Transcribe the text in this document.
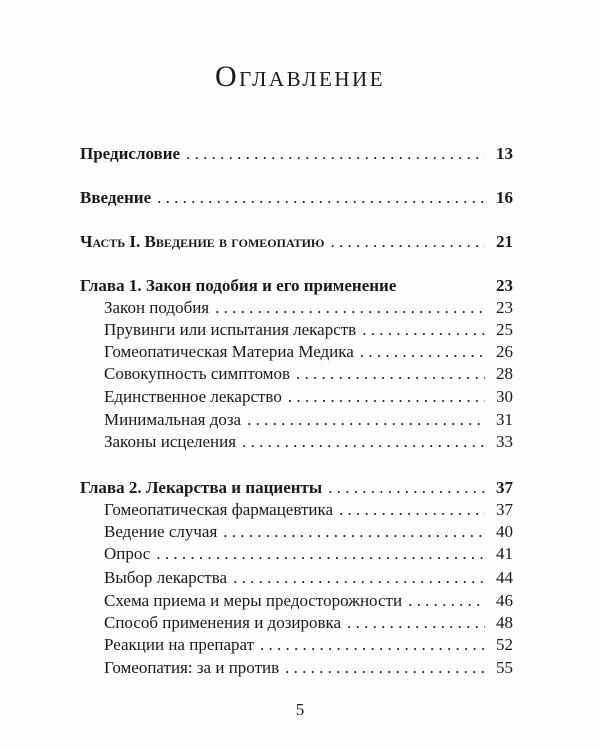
Оглавление
Предисловие . . .	13
Введение . . .	16
Часть I. Введение в гомеопатию . . .	21
Глава 1. Закон подобия и его применение	23
Закон подобия . . .	23
Прувинги или испытания лекарств . . .	25
Гомеопатическая Материа Медика . . .	26
Совокупность симптомов . . .	28
Единственное лекарство . . .	30
Минимальная доза . . .	31
Законы исцеления . . .	33
Глава 2. Лекарства и пациенты . . .	37
Гомеопатическая фармацевтика . . .	37
Ведение случая . . .	40
Опрос . . .	41
Выбор лекарства . . .	44
Схема приема и меры предосторожности . . .	46
Способ применения и дозировка . . .	48
Реакции на препарат . . .	52
Гомеопатия: за и против . . .	55
5
